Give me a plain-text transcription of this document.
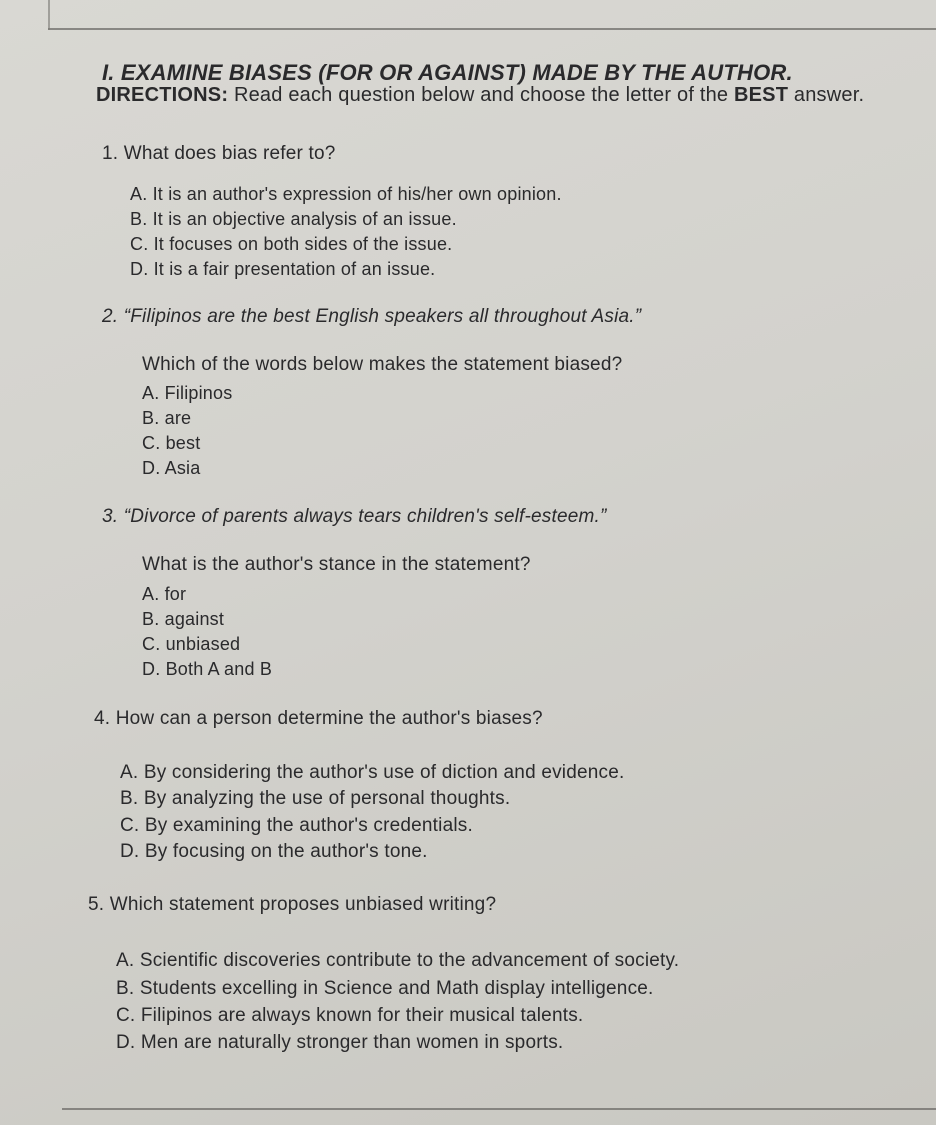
I. EXAMINE BIASES (FOR OR AGAINST) MADE BY THE AUTHOR.
DIRECTIONS: Read each question below and choose the letter of the BEST answer.
1. What does bias refer to?
A. It is an author's expression of his/her own opinion.
B. It is an objective analysis of an issue.
C. It focuses on both sides of the issue.
D. It is a fair presentation of an issue.
2. “Filipinos are the best English speakers all throughout Asia.”
Which of the words below makes the statement biased?
A. Filipinos
B. are
C. best
D. Asia
3. “Divorce of parents always tears children's self-esteem.”
What is the author's stance in the statement?
A. for
B. against
C. unbiased
D. Both A and B
4. How can a person determine the author's biases?
A. By considering the author's use of diction and evidence.
B. By analyzing the use of personal thoughts.
C. By examining the author's credentials.
D. By focusing on the author's tone.
5. Which statement proposes unbiased writing?
A. Scientific discoveries contribute to the advancement of society.
B. Students excelling in Science and Math display intelligence.
C. Filipinos are always known for their musical talents.
D. Men are naturally stronger than women in sports.
